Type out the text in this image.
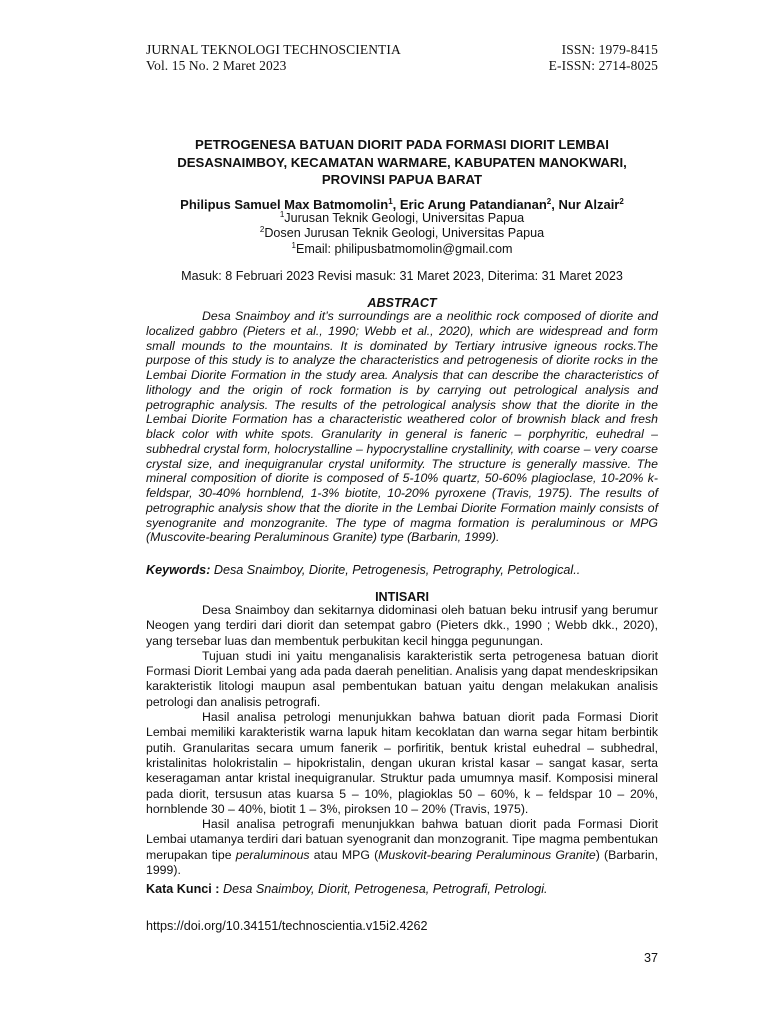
JURNAL TEKNOLOGI TECHNOSCIENTIA	ISSN: 1979-8415
Vol. 15 No. 2 Maret 2023	E-ISSN: 2714-8025
PETROGENESA BATUAN DIORIT PADA FORMASI DIORIT LEMBAI
DESASNAIMBOY, KECAMATAN WARMARE, KABUPATEN MANOKWARI,
PROVINSI PAPUA BARAT
Philipus Samuel Max Batmomolin$^1$, Eric Arung Patandianan$^2$, Nur Alzair$^2$
$^1$Jurusan Teknik Geologi, Universitas Papua
$^2$Dosen Jurusan Teknik Geologi, Universitas Papua
$^1$Email: philipusbatmomolin@gmail.com
Masuk: 8 Februari 2023 Revisi masuk: 31 Maret 2023, Diterima: 31 Maret 2023
ABSTRACT
Desa Snaimboy and it’s surroundings are a neolithic rock composed of diorite and localized gabbro (Pieters et al., 1990; Webb et al., 2020), which are widespread and form small mounds to the mountains. It is dominated by Tertiary intrusive igneous rocks.The purpose of this study is to analyze the characteristics and petrogenesis of diorite rocks in the Lembai Diorite Formation in the study area. Analysis that can describe the characteristics of lithology and the origin of rock formation is by carrying out petrological analysis and petrographic analysis. The results of the petrological analysis show that the diorite in the Lembai Diorite Formation has a characteristic weathered color of brownish black and fresh black color with white spots. Granularity in general is faneric – porphyritic, euhedral – subhedral crystal form, holocrystalline – hypocrystalline crystallinity, with coarse – very coarse crystal size, and inequigranular crystal uniformity. The structure is generally massive. The mineral composition of diorite is composed of 5-10% quartz, 50-60% plagioclase, 10-20% k-feldspar, 30-40% hornblend, 1-3% biotite, 10-20% pyroxene (Travis, 1975). The results of petrographic analysis show that the diorite in the Lembai Diorite Formation mainly consists of syenogranite and monzogranite. The type of magma formation is peraluminous or MPG (Muscovite-bearing Peraluminous Granite) type (Barbarin, 1999).
Keywords: Desa Snaimboy, Diorite, Petrogenesis, Petrography, Petrological..
INTISARI

Desa Snaimboy dan sekitarnya didominasi oleh batuan beku intrusif yang berumur Neogen yang terdiri dari diorit dan setempat gabro (Pieters dkk., 1990 ; Webb dkk., 2020), yang tersebar luas dan membentuk perbukitan kecil hingga pegunungan.

Tujuan studi ini yaitu menganalisis karakteristik serta petrogenesa batuan diorit Formasi Diorit Lembai yang ada pada daerah penelitian. Analisis yang dapat mendeskripsikan karakteristik litologi maupun asal pembentukan batuan yaitu dengan melakukan analisis petrologi dan analisis petrografi.

Hasil analisa petrologi menunjukkan bahwa batuan diorit pada Formasi Diorit Lembai memiliki karakteristik warna lapuk hitam kecoklatan dan warna segar hitam berbintik putih. Granularitas secara umum fanerik – porfiritik, bentuk kristal euhedral – subhedral, kristalinitas holokristalin – hipokristalin, dengan ukuran kristal kasar – sangat kasar, serta keseragaman antar kristal inequigranular. Struktur pada umumnya masif. Komposisi mineral pada diorit, tersusun atas kuarsa 5 – 10%, plagioklas 50 – 60%, k – feldspar 10 – 20%, hornblende 30 – 40%, biotit 1 – 3%, piroksen 10 – 20% (Travis, 1975).

Hasil analisa petrografi menunjukkan bahwa batuan diorit pada Formasi Diorit Lembai utamanya terdiri dari batuan syenogranit dan monzogranit. Tipe magma pembentukan merupakan tipe peraluminous atau MPG (Muskovit-bearing Peraluminous Granite) (Barbarin, 1999).

Kata Kunci : Desa Snaimboy, Diorit, Petrogenesa, Petrografi, Petrologi.
https://doi.org/10.34151/technoscientia.v15i2.4262
37
